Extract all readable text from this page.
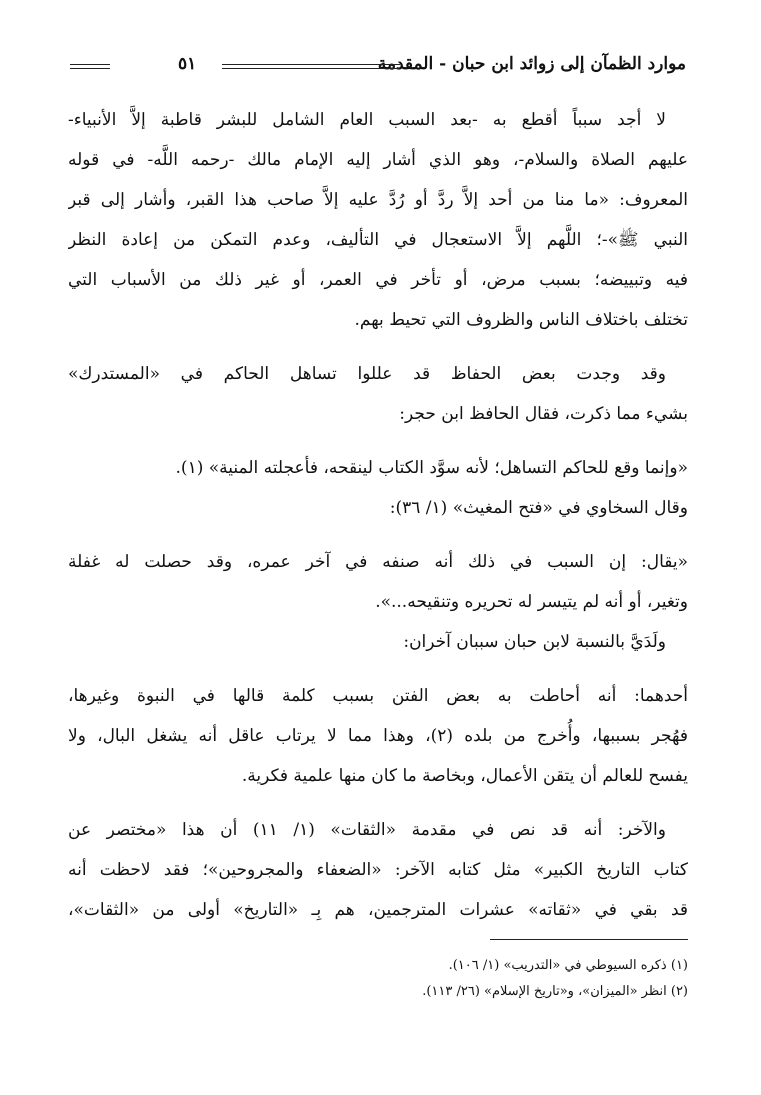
موارد الظمآن إلى زوائد ابن حبان - المقدمة
٥١
لا أجد سبباً أقطع به -بعد السبب العام الشامل للبشر قاطبة إلاَّ الأنبياء-
عليهم الصلاة والسلام-، وهو الذي أشار إليه الإمام مالك -رحمه اللَّه- في قوله
المعروف: «ما منا من أحد إلاَّ ردَّ أو رُدَّ عليه إلاَّ صاحب هذا القبر، وأشار إلى قبر
النبي ﷺ»-؛ اللَّهم إلاَّ الاستعجال في التأليف، وعدم التمكن من إعادة النظر
فيه وتبييضه؛ بسبب مرض، أو تأخر في العمر، أو غير ذلك من الأسباب التي
تختلف باختلاف الناس والظروف التي تحيط بهم.
وقد وجدت بعض الحفاظ قد عللوا تساهل الحاكم في «المستدرك»
بشيء مما ذكرت، فقال الحافظ ابن حجر:
«وإنما وقع للحاكم التساهل؛ لأنه سوَّد الكتاب لينقحه، فأعجلته المنية» (١).
وقال السخاوي في «فتح المغيث» (١/ ٣٦):
«يقال: إن السبب في ذلك أنه صنفه في آخر عمره، وقد حصلت له غفلة
وتغير، أو أنه لم يتيسر له تحريره وتنقيحه...».
ولَدَيَّ بالنسبة لابن حبان سببان آخران:
أحدهما: أنه أحاطت به بعض الفتن بسبب كلمة قالها في النبوة وغيرها،
فهُجر بسببها، وأُخرج من بلده (٢)، وهذا مما لا يرتاب عاقل أنه يشغل البال، ولا
يفسح للعالم أن يتقن الأعمال، وبخاصة ما كان منها علمية فكرية.
والآخر: أنه قد نص في مقدمة «الثقات» (١/ ١١) أن هذا «مختصر عن
كتاب التاريخ الكبير» مثل كتابه الآخر: «الضعفاء والمجروحين»؛ فقد لاحظت أنه
قد بقي في «ثقاته» عشرات المترجمين، هم بِـ «التاريخ» أولى من «الثقات»،
(١) ذكره السيوطي في «التدريب» (١/ ١٠٦).
(٢) انظر «الميزان»، و«تاريخ الإسلام» (٢٦/ ١١٣).
